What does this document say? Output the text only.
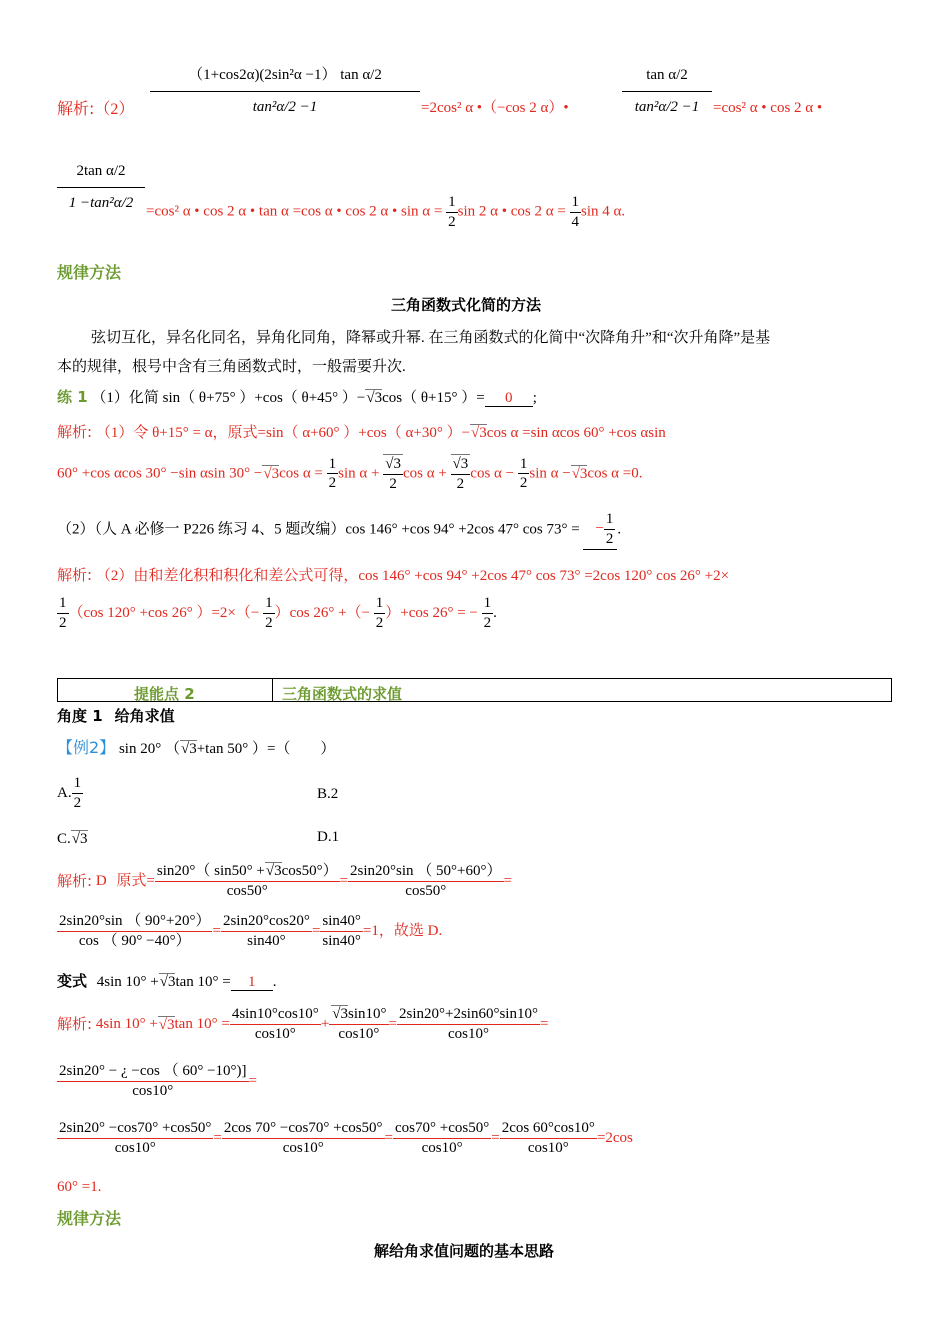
解析:（2） $\frac{\text{（1+cos2α)(2sin²α −1） tan α/2}}{\text{tan²α/2 −1}} =2\cos^2$ α •（−cos 2 α）•	$\frac{\text{tan α/2}}{\text{tan²α/2 −1}} =\cos^2$ α • cos 2 α •
$\frac{\text{2tan α/2}}{\text{1 −tan²α/2}} =\cos^2$ α • cos 2 α • tan α =cos α • cos 2 α • $\sin \alpha = \frac{1}{2}$ sin 2 α • cos 2 $\alpha = \frac{1}{4}$ sin 4 α.
规律方法
三角函数式化简的方法
弦切互化，异名化同名，异角化同角，降幂或升幂. 在三角函数式的化简中“次降角升”和“次升角降”是基
本的规律，根号中含有三角函数式时，一般需要升次.
练 1 （1）化简 sin（ θ+75° ）+cos（ θ+45° ）− √ 3cos（ θ+15° ）= 0 ;
解析: （1）令 θ+15° = α，原式=sin（ α+60° ）+cos（ α+30° ）− √ 3cos α =sin αcos 60° +cos αsin
60° +cos αcos 30° −sin αsin 30° − √ 3cos $\alpha = \frac{1}{2}$ sin α + √ $\frac{3}{2}$ cos α + √ $\frac{3}{2}$ $\cos \alpha - \frac{1}{2}$ sin α − √ 3cos α =0.
（2）（人 A 必修一 P226 练习 4、5 题改编）cos 146° +cos 94° +2cos 47° cos 73° = − $\frac{1}{2}$ .
解析: （2）由和差化积和积化和差公式可得，cos 146° +cos 94° +2cos 47° cos 73° =2cos 120° cos 26° +2×
$\frac{1}{2} (\cos$ 120° +cos 26° ）$=2\times(- \frac{1}{2} )\cos$ 26° +（− $\frac{1}{2} )+\cos$ 26° = − $\frac{1}{2}$ .
提能点 2	三角函数式的求值
角度 1 给角求值
【例2】 sin 20° （ √ 3+tan 50° ）=（　　）
A. $\frac{1}{2}$	B.2
C. √ 3	D.1
解析: D 原式= $\frac{\sin 20^\circ( \sin 50^\circ + √ 3\cos 50^\circ)}{\cos 50^\circ} = \frac{2\sin 20^\circ\sin ( 50^\circ+60^\circ)}{\cos 50^\circ}$ =
$\frac{2\sin 20^\circ\sin ( 90^\circ+20^\circ)}{\cos ( 90^\circ -40^\circ)} = \frac{2\sin 20^\circ\cos 20^\circ}{\sin 40^\circ} = \frac{\sin 40^\circ}{\sin 40^\circ} =1$，故选 D.
变式 4sin 10° + √ 3tan 10° = 1 .
解析: 4sin 10° + √ 3tan $10^\circ = \frac{4\sin 10^\circ\cos 10^\circ}{\cos 10^\circ}$ + √ $\frac{3\sin 10^\circ}{\cos 10^\circ} = \frac{2\sin 20^\circ+2\sin 60^\circ\sin 10^\circ}{\cos 10^\circ}$ =
$\frac{2\sin 20^\circ - ¿ -\cos ( 60^\circ -10^\circ)]}{\cos 10^\circ}$ =
$\frac{2\sin 20^\circ -\cos 70^\circ +\cos 50^\circ}{\cos 10^\circ} = \frac{2\cos 70^\circ -\cos 70^\circ +\cos 50^\circ}{\cos 10^\circ} = \frac{\cos 70^\circ +\cos 50^\circ}{\cos 10^\circ} = \frac{2\cos 60^\circ\cos 10^\circ}{\cos 10^\circ} =2\cos$
60° =1.
规律方法
解给角求值问题的基本思路
